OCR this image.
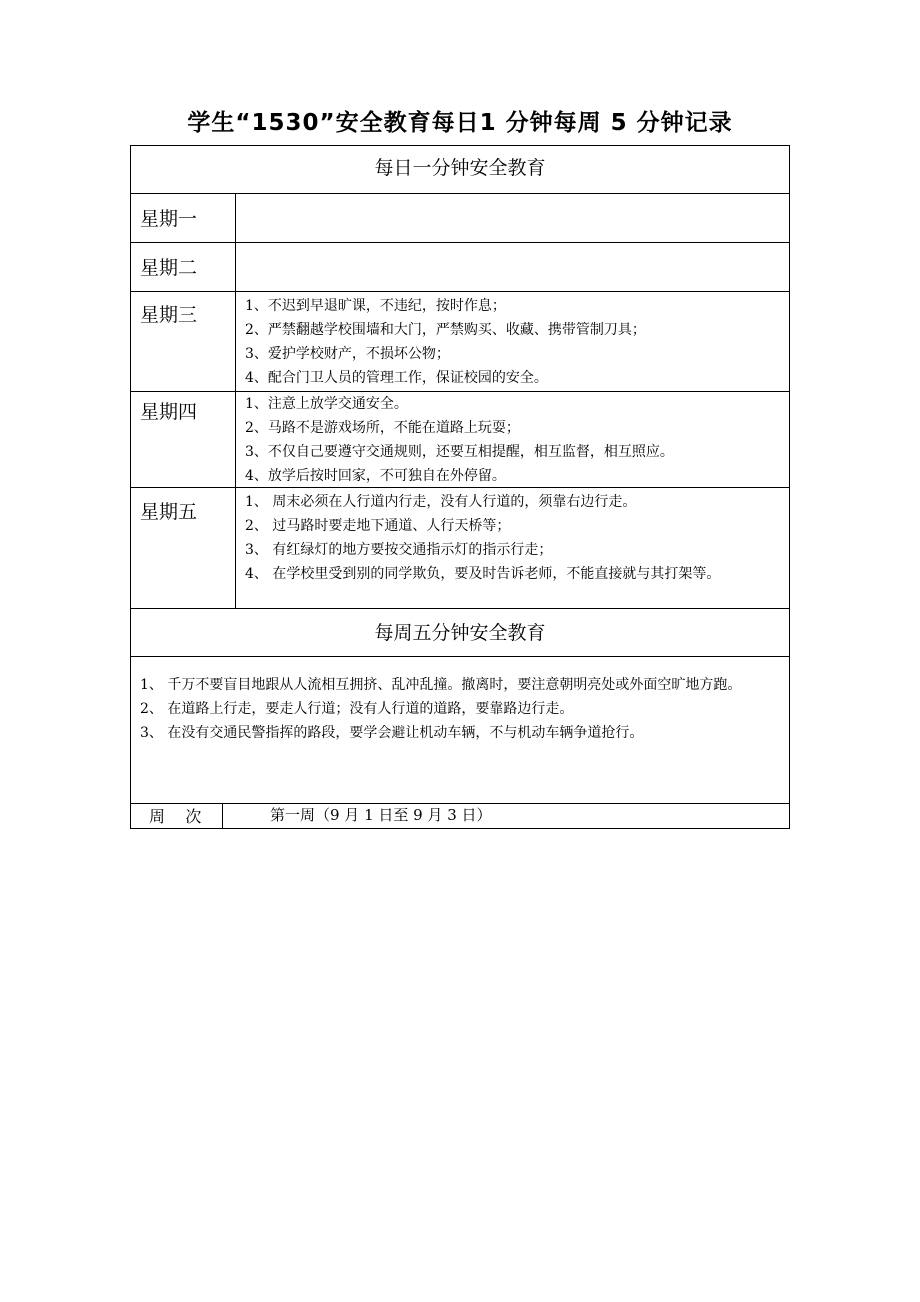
学生“1530”安全教育每日1 分钟每周 5 分钟记录
每日一分钟安全教育
星期一
星期二
星期三	1、不迟到早退旷课，不违纪，按时作息；

2、严禁翻越学校围墙和大门，严禁购买、收藏、携带管制刀具；

3、爱护学校财产，不损坏公物；

4、配合门卫人员的管理工作，保证校园的安全。

星期四	1、注意上放学交通安全。

2、马路不是游戏场所，不能在道路上玩耍；

3、不仅自己要遵守交通规则，还要互相提醒，相互监督，相互照应。

4、放学后按时回家，不可独自在外停留。

星期五	1、 周末必须在人行道内行走，没有人行道的，须靠右边行走。

2、 过马路时要走地下通道、人行天桥等；

3、 有红绿灯的地方要按交通指示灯的指示行走；

4、 在学校里受到别的同学欺负，要及时告诉老师，不能直接就与其打架等。

每周五分钟安全教育

1、 千万不要盲目地跟从人流相互拥挤、乱冲乱撞。撤离时，要注意朝明亮处或外面空旷地方跑。

2、 在道路上行走，要走人行道；没有人行道的道路，要靠路边行走。

3、 在没有交通民警指挥的路段，要学会避让机动车辆，不与机动车辆争道抢行。

周    次	第一周（9 月 1 日至 9 月 3 日）
